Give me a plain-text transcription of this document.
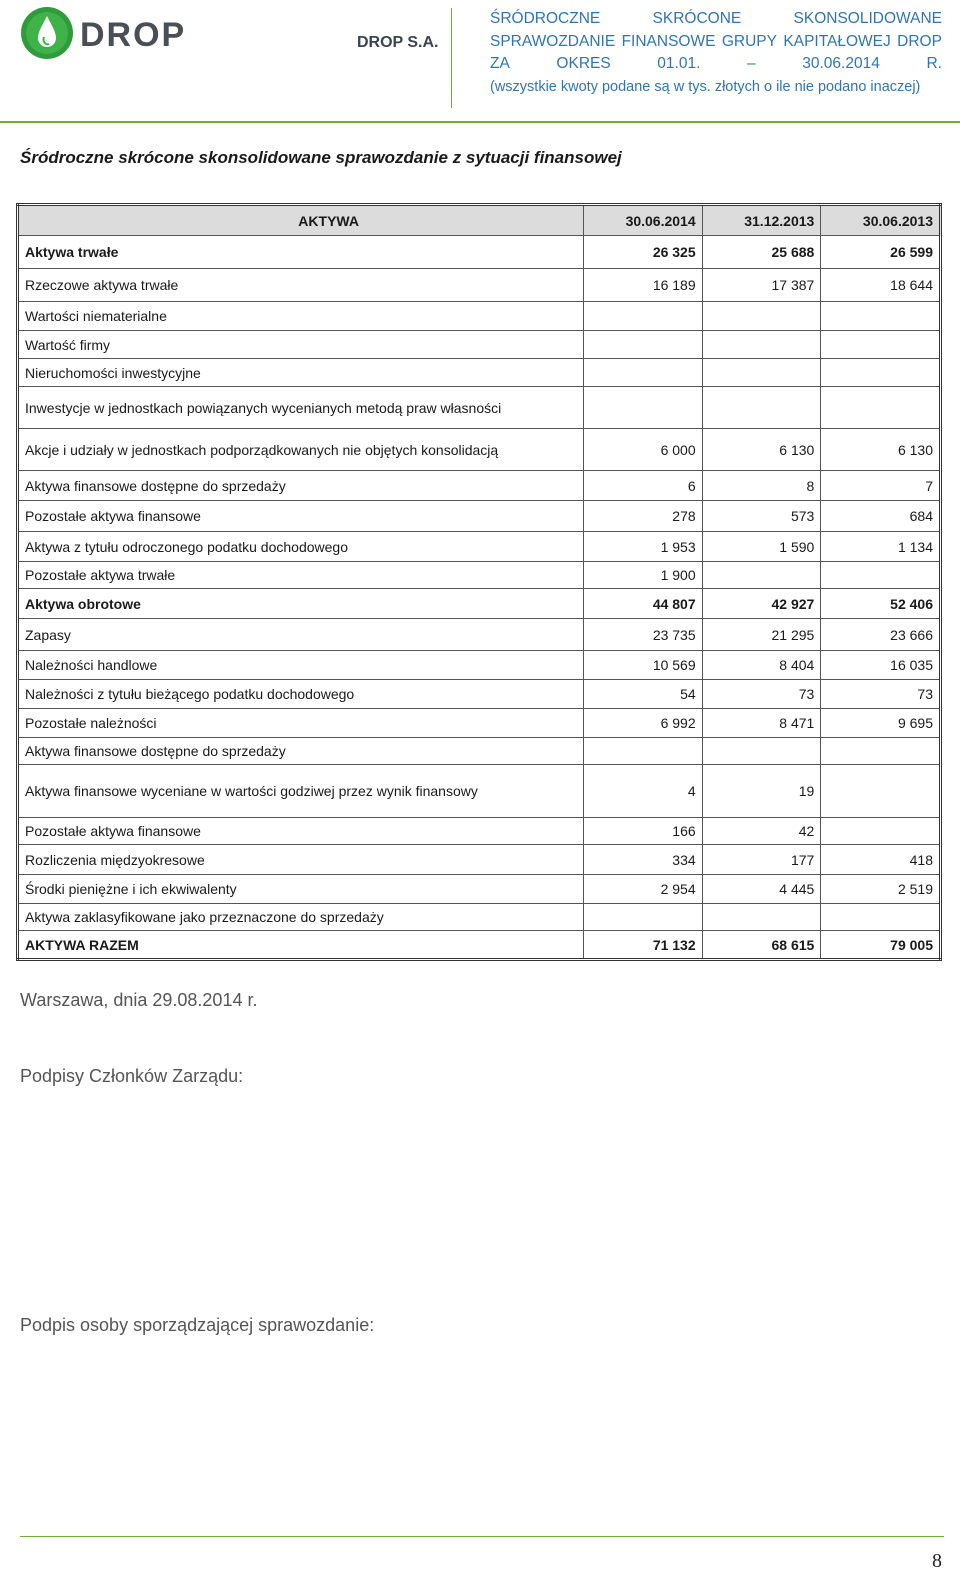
DROP	DROP S.A.
ŚRÓDROCZNE	SKRÓCONE	SKONSOLIDOWANE
SPRAWOZDANIE FINANSOWE GRUPY KAPITAŁOWEJ DROP
ZA	OKRES	01.01.	–	30.06.2014	R.
(wszystkie kwoty podane są w tys. złotych o ile nie podano inaczej)
Śródroczne skrócone skonsolidowane sprawozdanie z sytuacji finansowej
AKTYWA	30.06.2014	31.12.2013	30.06.2013
Aktywa trwałe	26 325	25 688	26 599
Rzeczowe aktywa trwałe	16 189	17 387	18 644
Wartości niematerialne			
Wartość firmy			
Nieruchomości inwestycyjne			
Inwestycje w jednostkach powiązanych wycenianych metodą praw własności			
Akcje i udziały w jednostkach podporządkowanych nie objętych konsolidacją	6 000	6 130	6 130
Aktywa finansowe dostępne do sprzedaży	6	8	7
Pozostałe aktywa finansowe	278	573	684
Aktywa z tytułu odroczonego podatku dochodowego	1 953	1 590	1 134
Pozostałe aktywa trwałe	1 900		
Aktywa obrotowe	44 807	42 927	52 406
Zapasy	23 735	21 295	23 666
Należności handlowe	10 569	8 404	16 035
Należności z tytułu bieżącego podatku dochodowego	54	73	73
Pozostałe należności	6 992	8 471	9 695
Aktywa finansowe dostępne do sprzedaży			
Aktywa finansowe wyceniane w wartości godziwej przez wynik finansowy	4	19	
Pozostałe aktywa finansowe	166	42	
Rozliczenia międzyokresowe	334	177	418
Środki pieniężne i ich ekwiwalenty	2 954	4 445	2 519
Aktywa zaklasyfikowane jako przeznaczone do sprzedaży			
AKTYWA RAZEM	71 132	68 615	79 005
Warszawa, dnia 29.08.2014 r.
Podpisy Członków Zarządu:
Podpis osoby sporządzającej sprawozdanie:
8
